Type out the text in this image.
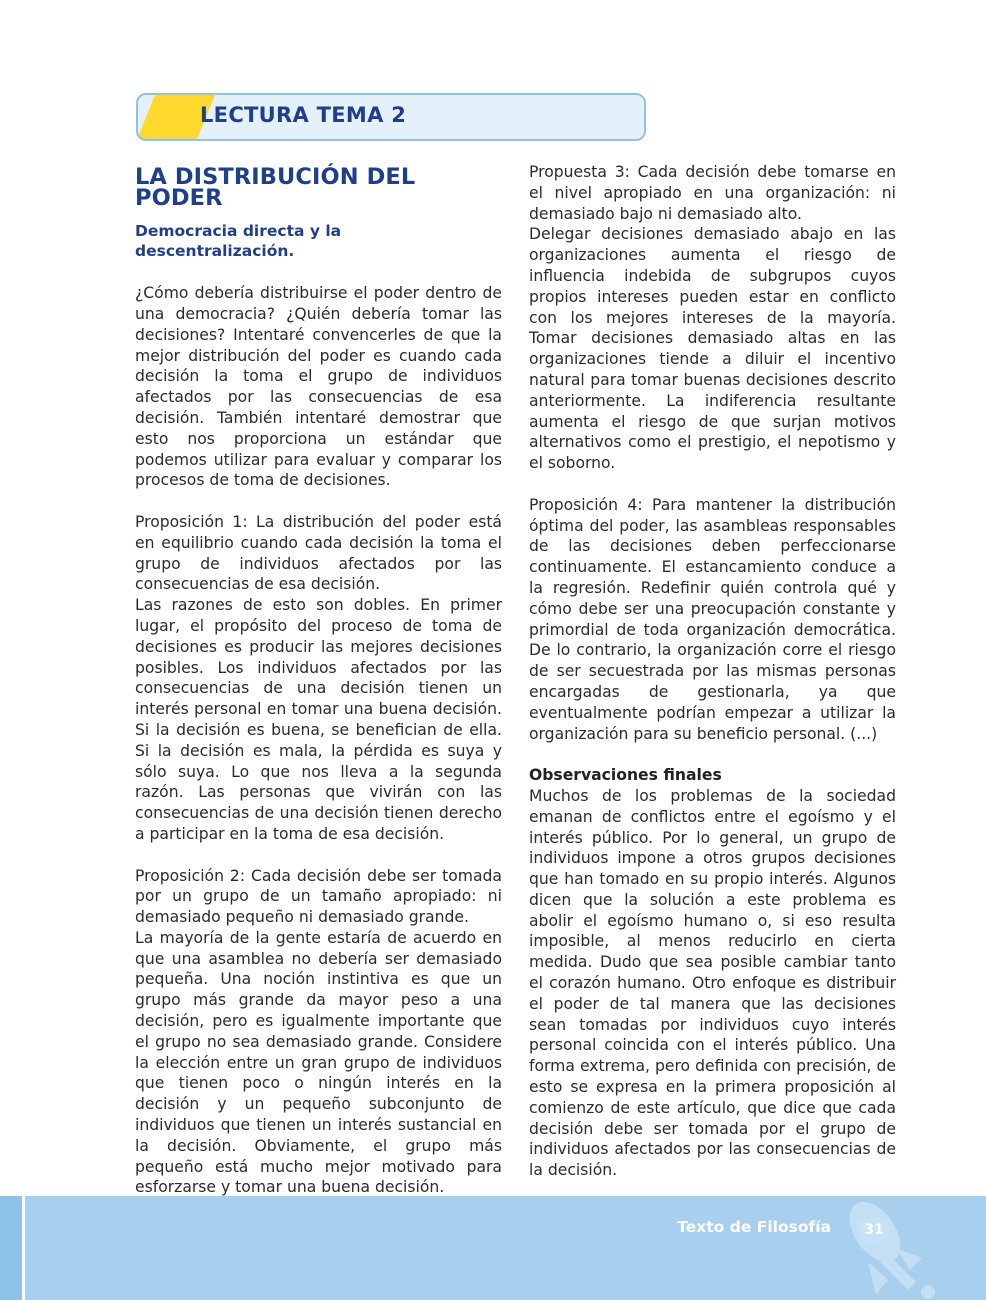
LECTURA TEMA 2
LA DISTRIBUCIÓN DEL PODER
Democracia directa y la descentralización.

¿Cómo debería distribuirse el poder dentro de una democracia? ¿Quién debería tomar las decisiones? Intentaré convencerles de que la mejor distribución del poder es cuando cada decisión la toma el grupo de individuos afectados por las consecuencias de esa decisión. También intentaré demostrar que esto nos proporciona un estándar que podemos utilizar para evaluar y comparar los procesos de toma de decisiones.

Proposición 1: La distribución del poder está en equilibrio cuando cada decisión la toma el grupo de individuos afectados por las consecuencias de esa decisión.

Las razones de esto son dobles. En primer lugar, el propósito del proceso de toma de decisiones es producir las mejores decisiones posibles. Los individuos afectados por las consecuencias de una decisión tienen un interés personal en tomar una buena decisión. Si la decisión es buena, se benefician de ella. Si la decisión es mala, la pérdida es suya y sólo suya. Lo que nos lleva a la segunda razón. Las personas que vivirán con las consecuencias de una decisión tienen derecho a participar en la toma de esa decisión.

Proposición 2: Cada decisión debe ser tomada por un grupo de un tamaño apropiado: ni demasiado pequeño ni demasiado grande.

La mayoría de la gente estaría de acuerdo en que una asamblea no debería ser demasiado pequeña. Una noción instintiva es que un grupo más grande da mayor peso a una decisión, pero es igualmente importante que el grupo no sea demasiado grande. Considere la elección entre un gran grupo de individuos que tienen poco o ningún interés en la decisión y un pequeño subconjunto de individuos que tienen un interés sustancial en la decisión. Obviamente, el grupo más pequeño está mucho mejor motivado para esforzarse y tomar una buena decisión.

Propuesta 3: Cada decisión debe tomarse en el nivel apropiado en una organización: ni demasiado bajo ni demasiado alto.

Delegar decisiones demasiado abajo en las organizaciones aumenta el riesgo de influencia indebida de subgrupos cuyos propios intereses pueden estar en conflicto con los mejores intereses de la mayoría. Tomar decisiones demasiado altas en las organizaciones tiende a diluir el incentivo natural para tomar buenas decisiones descrito anteriormente. La indiferencia resultante aumenta el riesgo de que surjan motivos alternativos como el prestigio, el nepotismo y el soborno.

Proposición 4: Para mantener la distribución óptima del poder, las asambleas responsables de las decisiones deben perfeccionarse continuamente. El estancamiento conduce a la regresión. Redefinir quién controla qué y cómo debe ser una preocupación constante y primordial de toda organización democrática. De lo contrario, la organización corre el riesgo de ser secuestrada por las mismas personas encargadas de gestionarla, ya que eventualmente podrían empezar a utilizar la organización para su beneficio personal. (...)

Observaciones finales

Muchos de los problemas de la sociedad emanan de conflictos entre el egoísmo y el interés público. Por lo general, un grupo de individuos impone a otros grupos decisiones que han tomado en su propio interés. Algunos dicen que la solución a este problema es abolir el egoísmo humano o, si eso resulta imposible, al menos reducirlo en cierta medida. Dudo que sea posible cambiar tanto el corazón humano. Otro enfoque es distribuir el poder de tal manera que las decisiones sean tomadas por individuos cuyo interés personal coincida con el interés público. Una forma extrema, pero definida con precisión, de esto se expresa en la primera proposición al comienzo de este artículo, que dice que cada decisión debe ser tomada por el grupo de individuos afectados por las consecuencias de la decisión.

Texto de Filosofía	31
